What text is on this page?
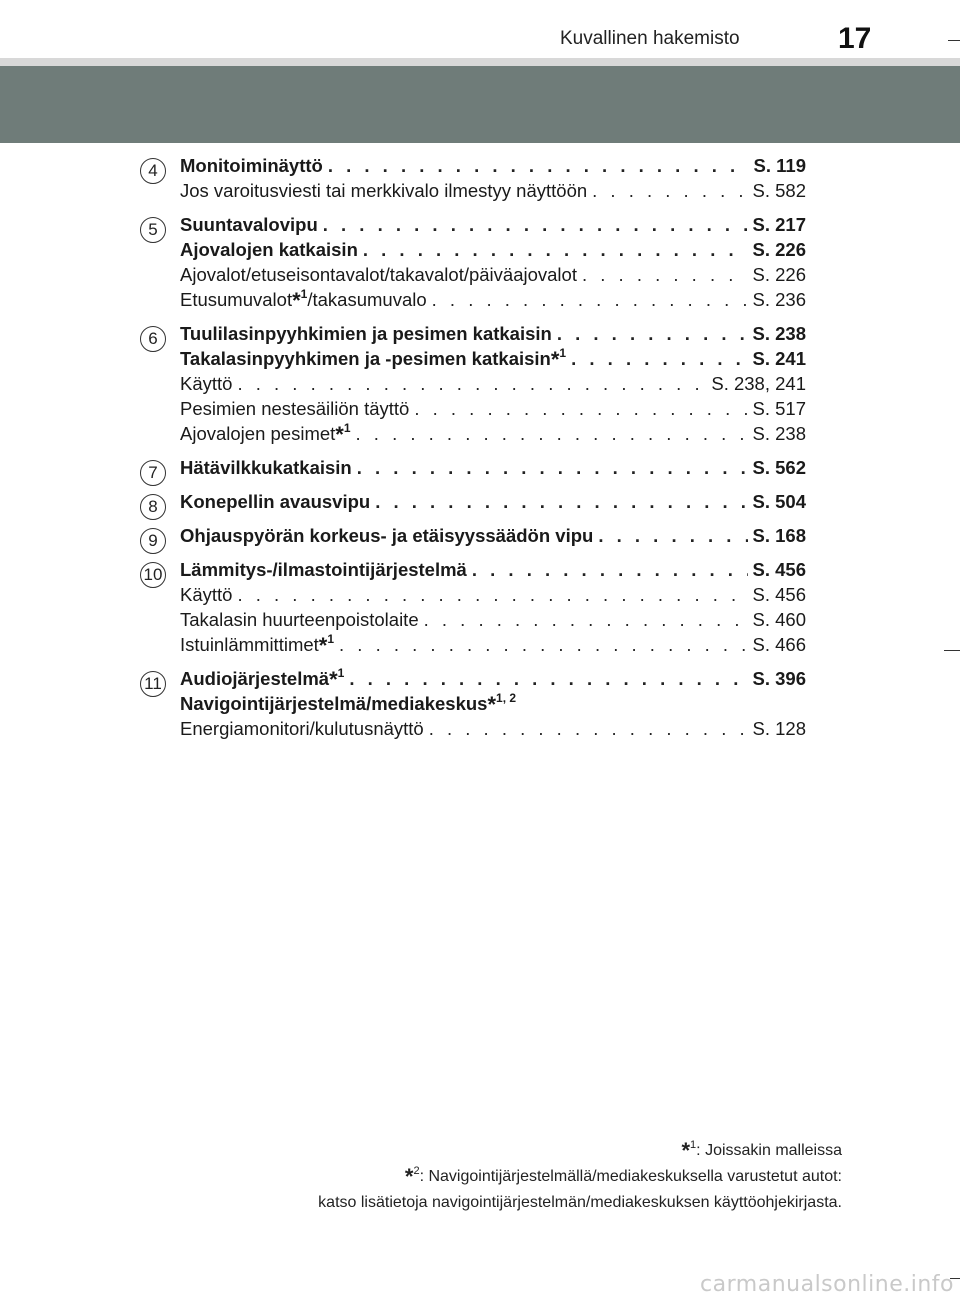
Kuvallinen hakemisto	17
4	Monitoiminäyttö . . .	S. 119
Jos varoitusviesti tai merkkivalo ilmestyy näyttöön . . .	S. 582
5	Suuntavalovipu . . .	S. 217
Ajovalojen katkaisin . . .	S. 226
Ajovalot/etuseisontavalot/takavalot/päiväajovalot . . .	S. 226
Etusumuvalot*$^1$/takasumuvalo . . .	S. 236
6	Tuulilasinpyyhkimien ja pesimen katkaisin . . .	S. 238
Takalasinpyyhkimen ja -pesimen katkaisin*$^1$ . . .	S. 241
Käyttö . . .	S. 238, 241
Pesimien nestesäiliön täyttö . . .	S. 517
Ajovalojen pesimet*$^1$ . . .	S. 238
7	Hätävilkkukatkaisin . . .	S. 562
8	Konepellin avausvipu . . .	S. 504
9	Ohjauspyörän korkeus- ja etäisyyssäädön vipu . . .	S. 168
10 Lämmitys-/ilmastointijärjestelmä . . .	S. 456
Käyttö . . .	S. 456
Takalasin huurteenpoistolaite . . .	S. 460
Istuinlämmittimet*$^1$ . . .	S. 466
11 Audiojärjestelmä*$^1$ . . .	S. 396
Navigointijärjestelmä/mediakeskus*$^{1, 2}$
Energiamonitori/kulutusnäyttö . . .	S. 128
*$^1$: Joissakin malleissa
*$^2$: Navigointijärjestelmällä/mediakeskuksella varustetut autot:
katso lisätietoja navigointijärjestelmän/mediakeskuksen käyttöohjekirjasta.
carmanualsonline.info
